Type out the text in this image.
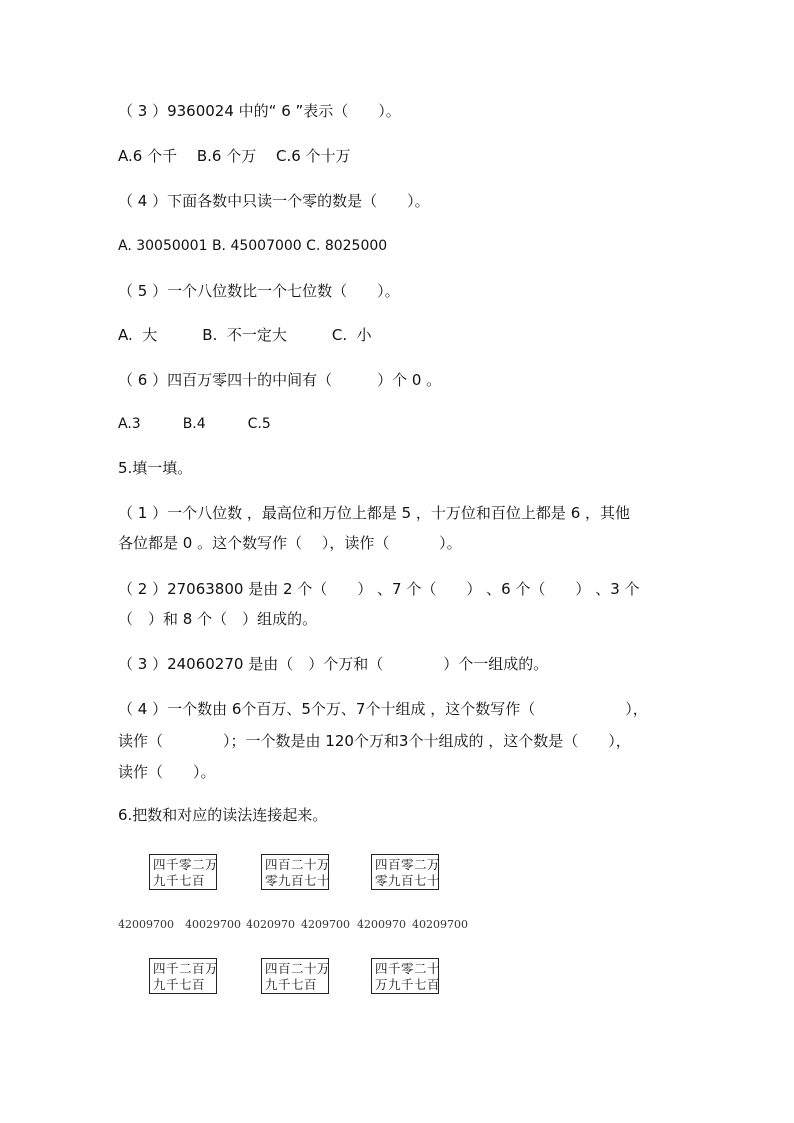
（ 3 ）9360024 中的“ 6 ”表示（　　）。
A.6 个千　 B.6 个万　 C.6 个十万
（ 4 ）下面各数中只读一个零的数是（　　）。
A. 30050001 B. 45007000 C. 8025000
（ 5 ）一个八位数比一个七位数（　　）。
A.  大　　　B.  不一定大　　　C.  小
（ 6 ）四百万零四十的中间有（　　　）个 0 。
A.3　　　B.4　　　C.5
5.填一填。
（ 1 ）一个八位数 ，最高位和万位上都是 5 ，十万位和百位上都是 6 ，其他
各位都是 0 。这个数写作（　 ），读作（　　　 ）。
（ 2 ）27063800 是由 2 个（　　） 、7 个（　　） 、6 个（　　） 、3 个
（　）和 8 个（　）组成的。
（ 3 ）24060270 是由（　）个万和（　　　　）个一组成的。
（ 4 ）一个数由 6个百万、5个万、7个十组成 ，这个数写作（　　　　　　），
读作（　　　　）；一个数是由 120个万和3个十组成的 ，这个数是（　　），
读作（　　）。
6.把数和对应的读法连接起来。
四千零二万
九千七百
四百二十万
零九百七十
四百零二万
零九百七十
42009700 40029700 4020970 4209700 4200970 40209700
四千二百万
九千七百
四百二十万
九千七百
四千零二十
万九千七百
